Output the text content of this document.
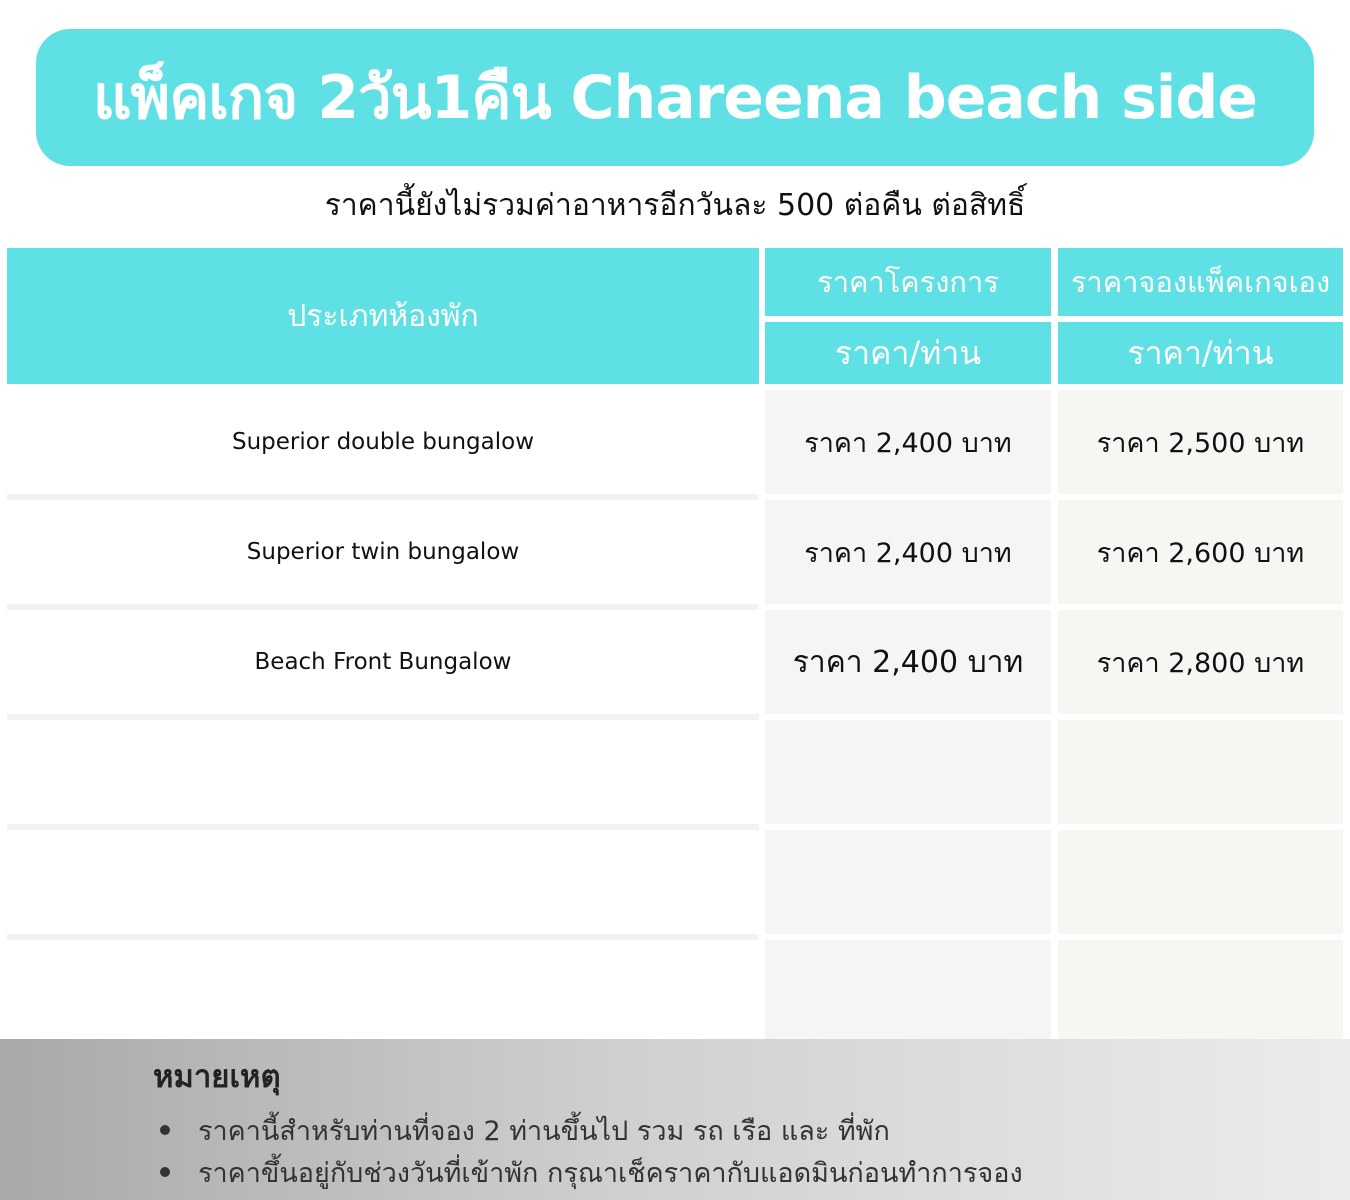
แพ็คเกจ 2วัน1คืน Chareena beach side
ราคานี้ยังไม่รวมค่าอาหารอีกวันละ 500 ต่อคืน ต่อสิทธิ์
ประเภทห้องพัก
ราคาโครงการ	ราคาจองแพ็คเกจเอง
ราคา/ท่าน	ราคา/ท่าน
Superior double bungalow	ราคา 2,400 บาท	ราคา 2,500 บาท
Superior twin bungalow	ราคา 2,400 บาท	ราคา 2,600 บาท
Beach Front Bungalow	ราคา 2,400 บาท	ราคา 2,800 บาท
หมายเหตุ
ราคานี้สำหรับท่านที่จอง 2 ท่านขึ้นไป รวม รถ เรือ และ ที่พัก
ราคาขึ้นอยู่กับช่วงวันที่เข้าพัก กรุณาเช็คราคากับแอดมินก่อนทำการจอง
